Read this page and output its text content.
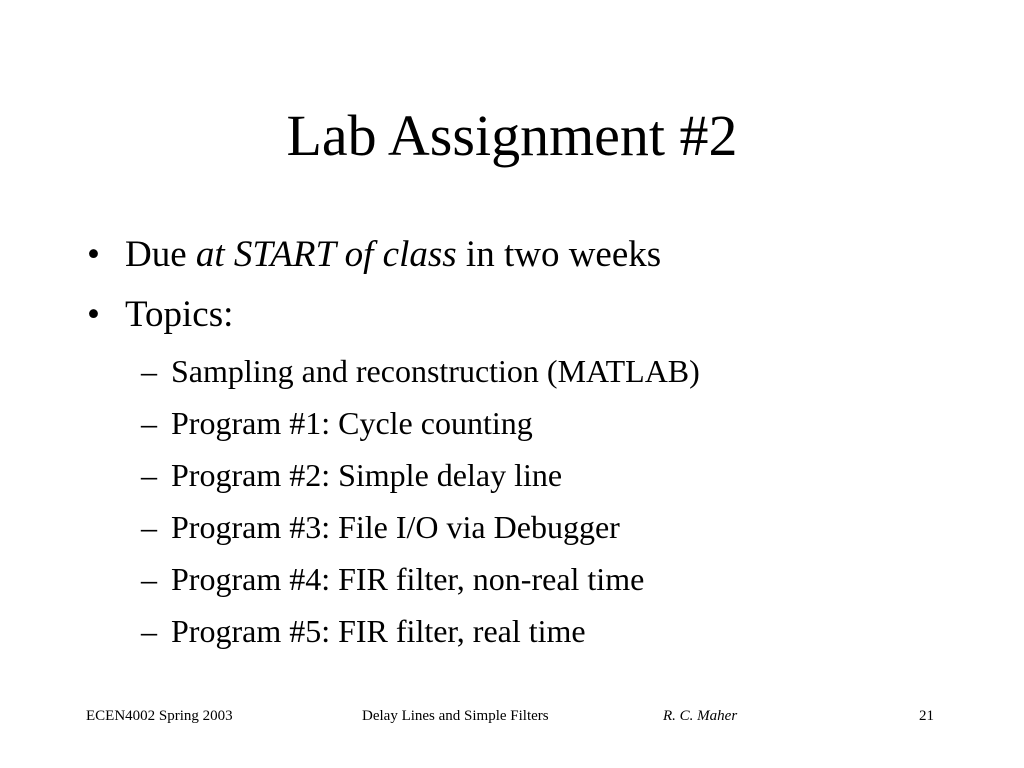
Lab Assignment #2
• Due at START of class in two weeks
• Topics:
– Sampling and reconstruction (MATLAB)
– Program #1: Cycle counting
– Program #2: Simple delay line
– Program #3: File I/O via Debugger
– Program #4: FIR filter, non-real time
– Program #5: FIR filter, real time
ECEN4002 Spring 2003	Delay Lines and Simple Filters	R. C. Maher	21
